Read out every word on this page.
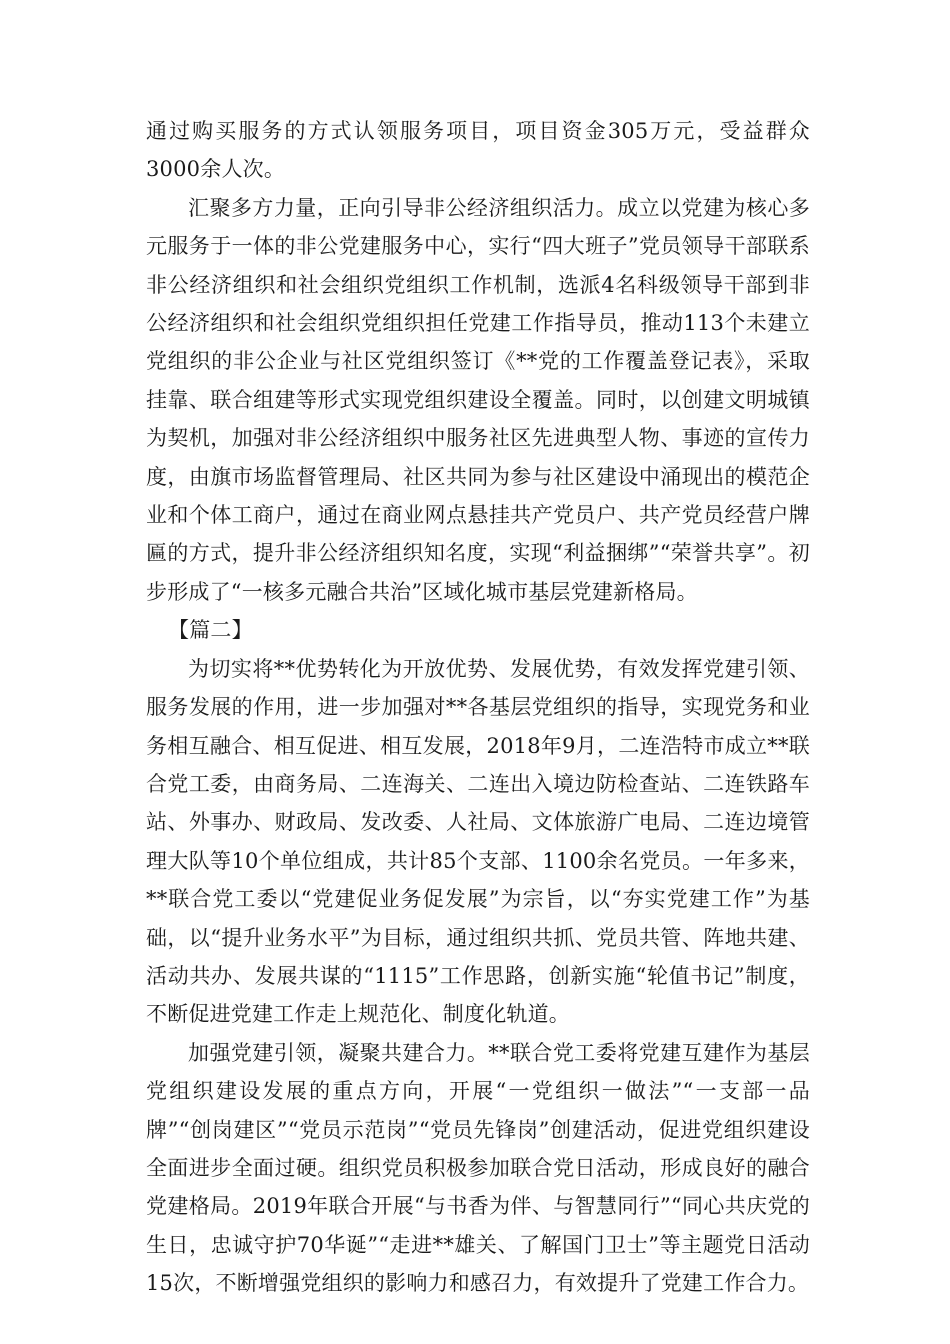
通过购买服务的方式认领服务项目，项目资金305万元，受益群众3000余人次。

汇聚多方力量，正向引导非公经济组织活力。成立以党建为核心多元服务于一体的非公党建服务中心，实行“四大班子”党员领导干部联系非公经济组织和社会组织党组织工作机制，选派4名科级领导干部到非公经济组织和社会组织党组织担任党建工作指导员，推动113个未建立党组织的非公企业与社区党组织签订《**党的工作覆盖登记表》，采取挂靠、联合组建等形式实现党组织建设全覆盖。同时，以创建文明城镇为契机，加强对非公经济组织中服务社区先进典型人物、事迹的宣传力度，由旗市场监督管理局、社区共同为参与社区建设中涌现出的模范企业和个体工商户，通过在商业网点悬挂共产党员户、共产党员经营户牌匾的方式，提升非公经济组织知名度，实现“利益捆绑”“荣誉共享”。初步形成了“一核多元融合共治”区域化城市基层党建新格局。

【篇二】

为切实将**优势转化为开放优势、发展优势，有效发挥党建引领、服务发展的作用，进一步加强对**各基层党组织的指导，实现党务和业务相互融合、相互促进、相互发展，2018年9月，二连浩特市成立**联合党工委，由商务局、二连海关、二连出入境边防检查站、二连铁路车站、外事办、财政局、发改委、人社局、文体旅游广电局、二连边境管理大队等10个单位组成，共计85个支部、1100余名党员。一年多来，**联合党工委以“党建促业务促发展”为宗旨，以“夯实党建工作”为基础，以“提升业务水平”为目标，通过组织共抓、党员共管、阵地共建、活动共办、发展共谋的“1115”工作思路，创新实施“轮值书记”制度，不断促进党建工作走上规范化、制度化轨道。

加强党建引领，凝聚共建合力。**联合党工委将党建互建作为基层党组织建设发展的重点方向，开展“一党组织一做法”“一支部一品牌”“创岗建区”“党员示范岗”“党员先锋岗”创建活动，促进党组织建设全面进步全面过硬。组织党员积极参加联合党日活动，形成良好的融合党建格局。2019年联合开展“与书香为伴、与智慧同行”“同心共庆党的生日，忠诚守护70华诞”“走进**雄关、了解国门卫士”等主题党日活动15次，不断增强党组织的影响力和感召力，有效提升了党建工作合力。
